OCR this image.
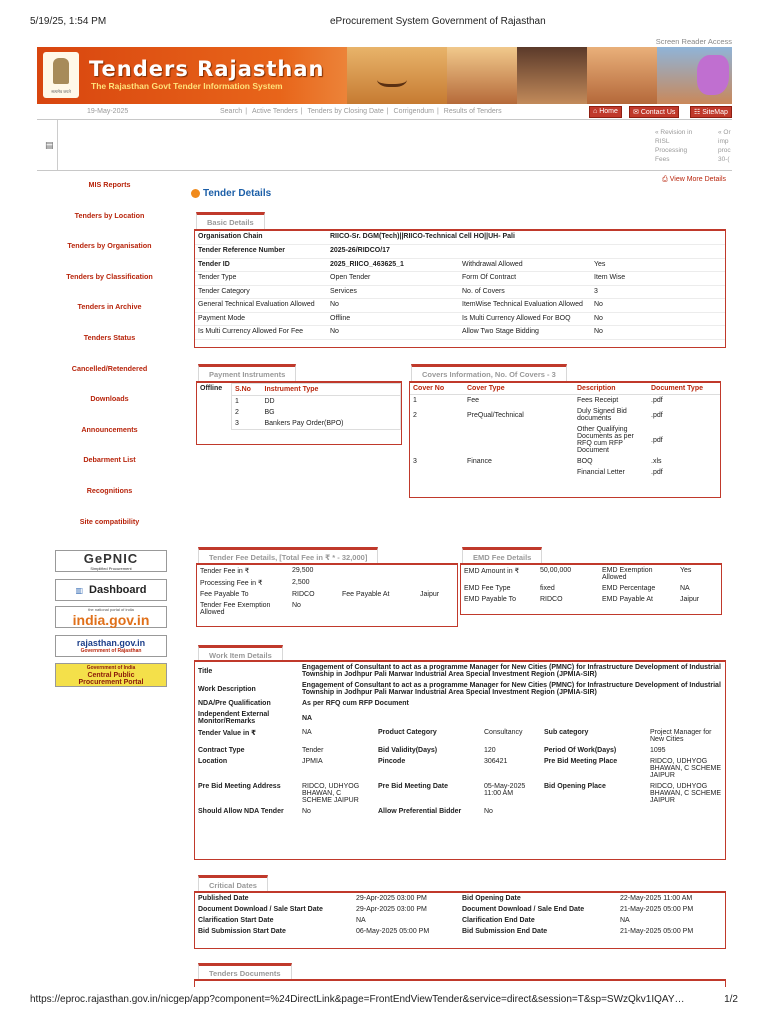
5/19/25, 1:54 PM	eProcurement System Government of Rajasthan
Screen Reader Access
सत्यमेव जयते
Tenders Rajasthan
The Rajasthan Govt Tender Information System
19-May-2025	Search | Active Tenders | Tenders by Closing Date | Corrigendum | Results of Tenders	⌂ Home	✉ Contact Us	☷ SiteMap
▤
« Revision in
RISL
Processing
Fees
« Or
imp
proc
30-(
MIS Reports
Tenders by Location
Tenders by Organisation
Tenders by Classification
Tenders in Archive
Tenders Status
Cancelled/Retendered
Downloads
Announcements
Debarment List
Recognitions
Site compatibility
GePNIC
Simplified Procurement
▥ Dashboard
the national portal of india
india.gov.in
rajasthan.gov.in
Government of Rajasthan
Government of India
Central Public
Procurement Portal
Tender Details
⎙ View More Details
Basic Details
Organisation Chain	RIICO-Sr. DGM(Tech)||RIICO-Technical Cell HO||UH- Pali		
Tender Reference Number	2025-26/RIDCO/17		
Tender ID	2025_RIICO_463625_1	Withdrawal Allowed	Yes
Tender Type	Open Tender	Form Of Contract	Item Wise
Tender Category	Services	No. of Covers	3
General Technical Evaluation Allowed	No	ItemWise Technical Evaluation Allowed	No
Payment Mode	Offline	Is Multi Currency Allowed For BOQ	No
Is Multi Currency Allowed For Fee	No	Allow Two Stage Bidding	No
Payment Instruments
Offline	S.No	Instrument Type
1	DD
2	BG
3	Bankers Pay Order(BPO)
Covers Information, No. Of Covers - 3
Cover No	Cover Type	Description	Document Type
1	Fee	Fees Receipt	.pdf
2	PreQual/Technical	Duly Signed Bid documents	.pdf
		Other Qualifying Documents as per RFQ cum RFP Document	.pdf
3	Finance	BOQ	.xls
		Financial Letter	.pdf
Tender Fee Details, [Total Fee in ₹ * - 32,000]
Tender Fee in ₹	29,500		
Processing Fee in ₹	2,500		
Fee Payable To	RIDCO	Fee Payable At	Jaipur
Tender Fee Exemption Allowed	No		
EMD Fee Details
EMD Amount in ₹	50,00,000	EMD Exemption Allowed	Yes
EMD Fee Type	fixed	EMD Percentage	NA
EMD Payable To	RIDCO	EMD Payable At	Jaipur
Work Item Details
Title	Engagement of Consultant to act as a programme Manager for New Cities (PMNC) for Infrastructure Development of Industrial Township in Jodhpur Pali Marwar Industrial Area Special Investment Region (JPMIA-SIR)				
Work Description	Engagement of Consultant to act as a programme Manager for New Cities (PMNC) for Infrastructure Development of Industrial Township in Jodhpur Pali Marwar Industrial Area Special Investment Region (JPMIA-SIR)				
NDA/Pre Qualification	As per RFQ cum RFP Document				
Independent External Monitor/Remarks	NA				
Tender Value in ₹	NA	Product Category	Consultancy	Sub category	Project Manager for New Cities
Contract Type	Tender	Bid Validity(Days)	120	Period Of Work(Days)	1095
Location	JPMIA	Pincode	306421	Pre Bid Meeting Place	RIDCO, UDHYOG BHAWAN, C SCHEME JAIPUR
Pre Bid Meeting Address	RIDCO, UDHYOG BHAWAN, C SCHEME JAIPUR	Pre Bid Meeting Date	05-May-2025 11:00 AM	Bid Opening Place	RIDCO, UDHYOG BHAWAN, C SCHEME JAIPUR
Should Allow NDA Tender	No	Allow Preferential Bidder	No		
Critical Dates
Published Date	29-Apr-2025 03:00 PM	Bid Opening Date	22-May-2025 11:00 AM
Document Download / Sale Start Date	29-Apr-2025 03:00 PM	Document Download / Sale End Date	21-May-2025 05:00 PM
Clarification Start Date	NA	Clarification End Date	NA
Bid Submission Start Date	06-May-2025 05:00 PM	Bid Submission End Date	21-May-2025 05:00 PM
Tenders Documents
https://eproc.rajasthan.gov.in/nicgep/app?component=%24DirectLink&page=FrontEndViewTender&service=direct&session=T&sp=SWzQkv1IQAY…	1/2
